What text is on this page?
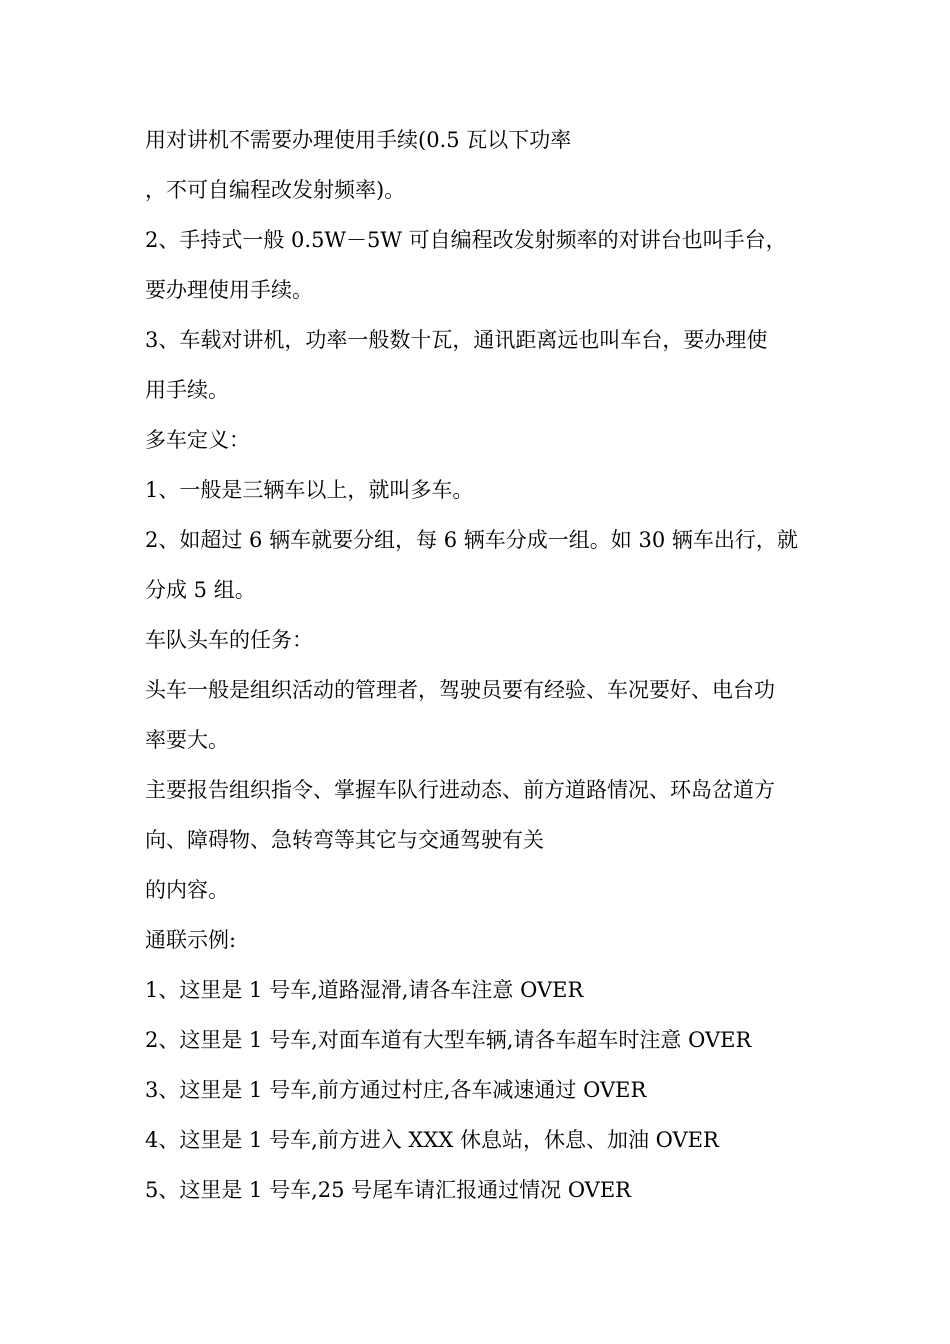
用对讲机不需要办理使用手续(0.5 瓦以下功率
，不可自编程改发射频率)。
2、手持式一般 0.5W－5W 可自编程改发射频率的对讲台也叫手台，
要办理使用手续。
3、车载对讲机，功率一般数十瓦，通讯距离远也叫车台，要办理使
用手续。
多车定义：
1、一般是三辆车以上，就叫多车。
2、如超过 6 辆车就要分组，每 6 辆车分成一组。如 30 辆车出行，就
分成 5 组。
车队头车的任务：
头车一般是组织活动的管理者，驾驶员要有经验、车况要好、电台功
率要大。
主要报告组织指令、掌握车队行进动态、前方道路情况、环岛岔道方
向、障碍物、急转弯等其它与交通驾驶有关
的内容。
通联示例:
1、这里是 1 号车,道路湿滑,请各车注意 OVER
2、这里是 1 号车,对面车道有大型车辆,请各车超车时注意 OVER
3、这里是 1 号车,前方通过村庄,各车减速通过 OVER
4、这里是 1 号车,前方进入 XXX 休息站，休息、加油 OVER
5、这里是 1 号车,25 号尾车请汇报通过情况 OVER
